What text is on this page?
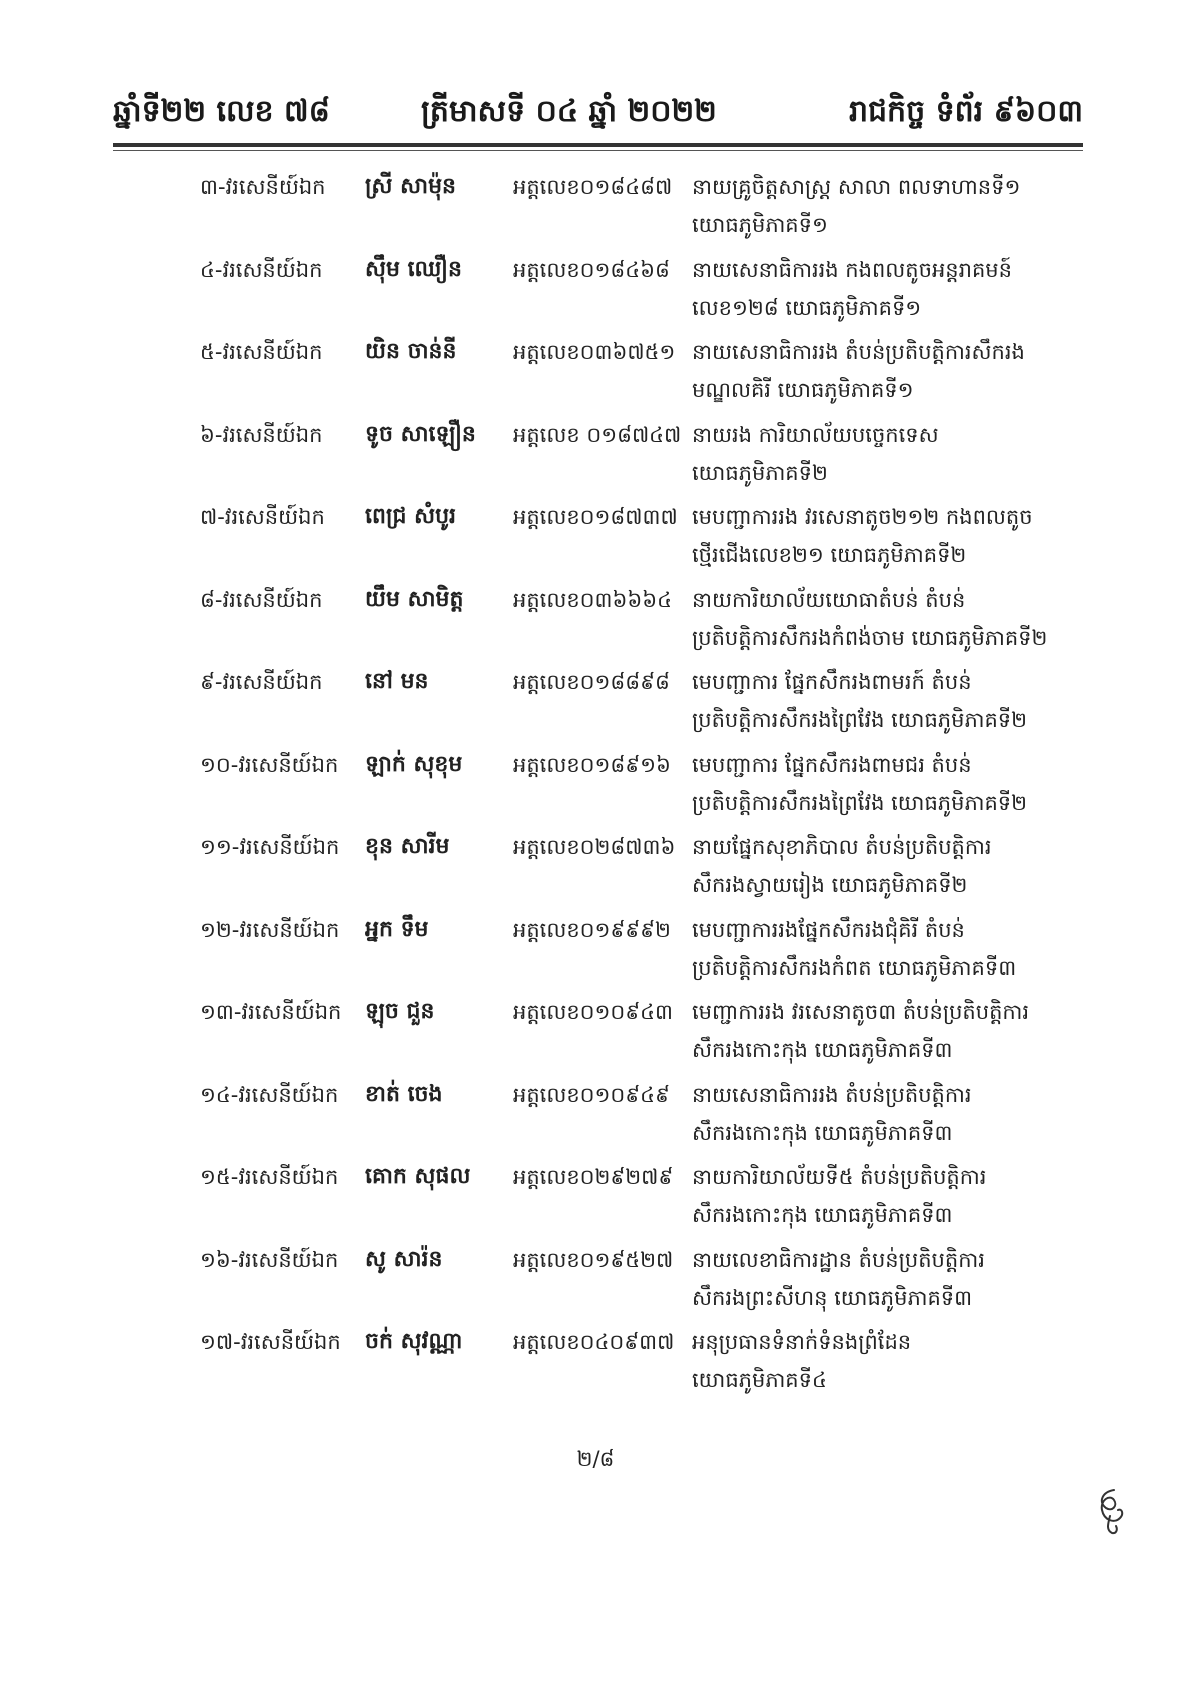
ឆ្នាំទី២២ លេខ ៧៨	ត្រីមាសទី ០៤ ឆ្នាំ ២០២២	រាជកិច្ច ទំព័រ ៩៦០៣
៣-វរសេនីយ៍ឯក	ស្រី សាម៉ុន	អត្តលេខ០១៨៤៨៧ នាយគ្រូចិត្តសាស្ត្រ សាលា ពលទាហានទី១
យោធភូមិភាគទី១
៤-វរសេនីយ៍ឯក	ស៊ឹម ឈឿន	អត្តលេខ០១៨៤៦៨	នាយសេនាធិការរង កងពលតូចអន្តរាគមន៍
លេខ១២៨ យោធភូមិភាគទី១
៥-វរសេនីយ៍ឯក	យិន ចាន់នី	អត្តលេខ០៣៦៧៥១ នាយសេនាធិការរង តំបន់ប្រតិបត្តិការសឹករង
មណ្ឌលគិរី យោធភូមិភាគទី១
៦-វរសេនីយ៍ឯក	ទូច សាឡឿន	អត្តលេខ ០១៨៧៤៧ នាយរង ការិយាល័យបច្ចេកទេស
យោធភូមិភាគទី២
៧-វរសេនីយ៍ឯក	ពេជ្រ សំបូរ	អត្តលេខ០១៨៧៣៧ មេបញ្ជាការរង វរសេនាតូច២១២ កងពលតូច
ថ្មើរជើងលេខ២១ យោធភូមិភាគទី២
៨-វរសេនីយ៍ឯក	យឹម សាមិត្ត	អត្តលេខ០៣៦៦៦៤ នាយការិយាល័យយោធាតំបន់ តំបន់
ប្រតិបត្តិការសឹករងកំពង់ចាម យោធភូមិភាគទី២
៩-វរសេនីយ៍ឯក	នៅ មន	អត្តលេខ០១៨៨៩៨	មេបញ្ជាការ ផ្នែកសឹករងពាមរក៍ តំបន់
ប្រតិបត្តិការសឹករងព្រៃវែង យោធភូមិភាគទី២
១០-វរសេនីយ៍ឯក	ឡាក់ សុខុម	អត្តលេខ០១៨៩១៦	មេបញ្ជាការ ផ្នែកសឹករងពាមជរ តំបន់
ប្រតិបត្តិការសឹករងព្រៃវែង យោធភូមិភាគទី២
១១-វរសេនីយ៍ឯក	ខុន សារីម	អត្តលេខ០២៨៧៣៦ នាយផ្នែកសុខាភិបាល តំបន់ប្រតិបត្តិការ
សឹករងស្វាយរៀង យោធភូមិភាគទី២
១២-វរសេនីយ៍ឯក	អ្នក ទឹម	អត្តលេខ០១៩៩៩២	មេបញ្ជាការរងផ្នែកសឹករងជុំគិរី តំបន់
ប្រតិបត្តិការសឹករងកំពត យោធភូមិភាគទី៣
១៣-វរសេនីយ៍ឯក	ឡុច ជួន	អត្តលេខ០១០៩៤៣ មេញ្ជាការរង វរសេនាតូច៣ តំបន់ប្រតិបត្តិការ
សឹករងកោះកុង យោធភូមិភាគទី៣
១៤-វរសេនីយ៍ឯក	ខាត់ ចេង	អត្តលេខ០១០៩៤៩	នាយសេនាធិការរង តំបន់ប្រតិបត្តិការ
សឹករងកោះកុង យោធភូមិភាគទី៣
១៥-វរសេនីយ៍ឯក	គោក សុផល	អត្តលេខ០២៩២៧៩ នាយការិយាល័យទី៥ តំបន់ប្រតិបត្តិការ
សឹករងកោះកុង យោធភូមិភាគទី៣
១៦-វរសេនីយ៍ឯក	សូ សារ៉ន	អត្តលេខ០១៩៥២៧ នាយលេខាធិការដ្ឋាន តំបន់ប្រតិបត្តិការ
សឹករងព្រះសីហនុ យោធភូមិភាគទី៣
១៧-វរសេនីយ៍ឯក	ចក់ សុវណ្ណា	អត្តលេខ០៤០៩៣៧ អនុប្រធានទំនាក់ទំនងព្រំដែន
យោធភូមិភាគទី៤
២/៨
